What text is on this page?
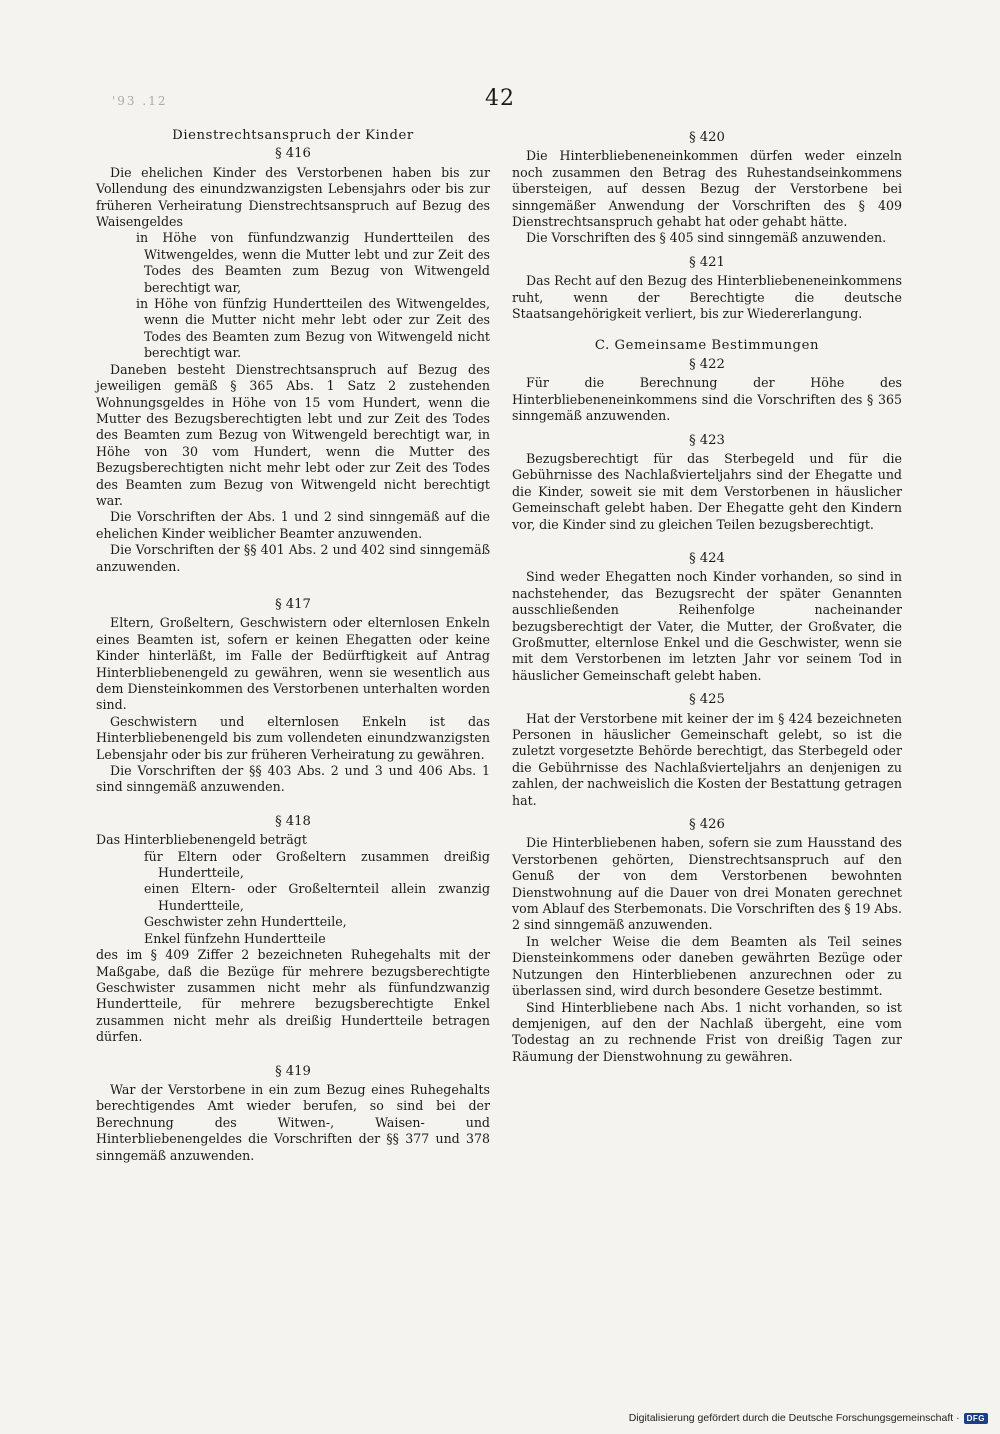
'93 .12	42
Dienstrechtsanspruch der Kinder
§ 416

Die ehelichen Kinder des Verstorbenen haben bis zur Vollendung des einundzwanzigsten Lebensjahrs oder bis zur früheren Verheiratung Dienstrechtsanspruch auf Bezug des Waisengeldes

in Höhe von fünfundzwanzig Hundertteilen des Witwengeldes, wenn die Mutter lebt und zur Zeit des Todes des Beamten zum Bezug von Witwengeld berechtigt war,

in Höhe von fünfzig Hundertteilen des Witwengeldes, wenn die Mutter nicht mehr lebt oder zur Zeit des Todes des Beamten zum Bezug von Witwengeld nicht berechtigt war.

Daneben besteht Dienstrechtsanspruch auf Bezug des jeweiligen gemäß § 365 Abs. 1 Satz 2 zustehenden Wohnungsgeldes in Höhe von 15 vom Hundert, wenn die Mutter des Bezugsberechtigten lebt und zur Zeit des Todes des Beamten zum Bezug von Witwengeld berechtigt war, in Höhe von 30 vom Hundert, wenn die Mutter des Bezugsberechtigten nicht mehr lebt oder zur Zeit des Todes des Beamten zum Bezug von Witwengeld nicht berechtigt war.

Die Vorschriften der Abs. 1 und 2 sind sinngemäß auf die ehelichen Kinder weiblicher Beamter anzuwenden.

Die Vorschriften der §§ 401 Abs. 2 und 402 sind sinngemäß anzuwenden.

§ 417

Eltern, Großeltern, Geschwistern oder elternlosen Enkeln eines Beamten ist, sofern er keinen Ehegatten oder keine Kinder hinterläßt, im Falle der Bedürftigkeit auf Antrag Hinterbliebenengeld zu gewähren, wenn sie wesentlich aus dem Diensteinkommen des Verstorbenen unterhalten worden sind.

Geschwistern und elternlosen Enkeln ist das Hinterbliebenengeld bis zum vollendeten einundzwanzigsten Lebensjahr oder bis zur früheren Verheiratung zu gewähren.

Die Vorschriften der §§ 403 Abs. 2 und 3 und 406 Abs. 1 sind sinngemäß anzuwenden.

§ 418

Das Hinterbliebenengeld beträgt

für Eltern oder Großeltern zusammen dreißig Hundertteile,

einen Eltern- oder Großelternteil allein zwanzig Hundertteile,

Geschwister zehn Hundertteile,

Enkel fünfzehn Hundertteile

des im § 409 Ziffer 2 bezeichneten Ruhegehalts mit der Maßgabe, daß die Bezüge für mehrere bezugsberechtigte Geschwister zusammen nicht mehr als fünfundzwanzig Hundertteile, für mehrere bezugsberechtigte Enkel zusammen nicht mehr als dreißig Hundertteile betragen dürfen.

§ 419

War der Verstorbene in ein zum Bezug eines Ruhegehalts berechtigendes Amt wieder berufen, so sind bei der Berechnung des Witwen-, Waisen- und Hinterbliebenengeldes die Vorschriften der §§ 377 und 378 sinngemäß anzuwenden.

§ 420

Die Hinterbliebeneneinkommen dürfen weder einzeln noch zusammen den Betrag des Ruhestandseinkommens übersteigen, auf dessen Bezug der Verstorbene bei sinngemäßer Anwendung der Vorschriften des § 409 Dienstrechtsanspruch gehabt hat oder gehabt hätte.

Die Vorschriften des § 405 sind sinngemäß anzuwenden.

§ 421

Das Recht auf den Bezug des Hinterbliebeneneinkommens ruht, wenn der Berechtigte die deutsche Staatsangehörigkeit verliert, bis zur Wiedererlangung.

C. Gemeinsame Bestimmungen
§ 422

Für die Berechnung der Höhe des Hinterbliebeneneinkommens sind die Vorschriften des § 365 sinngemäß anzuwenden.

§ 423

Bezugsberechtigt für das Sterbegeld und für die Gebührnisse des Nachlaßvierteljahrs sind der Ehegatte und die Kinder, soweit sie mit dem Verstorbenen in häuslicher Gemeinschaft gelebt haben. Der Ehegatte geht den Kindern vor, die Kinder sind zu gleichen Teilen bezugsberechtigt.

§ 424

Sind weder Ehegatten noch Kinder vorhanden, so sind in nachstehender, das Bezugsrecht der später Genannten ausschließenden Reihenfolge nacheinander bezugsberechtigt der Vater, die Mutter, der Großvater, die Großmutter, elternlose Enkel und die Geschwister, wenn sie mit dem Verstorbenen im letzten Jahr vor seinem Tod in häuslicher Gemeinschaft gelebt haben.

§ 425

Hat der Verstorbene mit keiner der im § 424 bezeichneten Personen in häuslicher Gemeinschaft gelebt, so ist die zuletzt vorgesetzte Behörde berechtigt, das Sterbegeld oder die Gebührnisse des Nachlaßvierteljahrs an denjenigen zu zahlen, der nachweislich die Kosten der Bestattung getragen hat.

§ 426

Die Hinterbliebenen haben, sofern sie zum Hausstand des Verstorbenen gehörten, Dienstrechtsanspruch auf den Genuß der von dem Verstorbenen bewohnten Dienstwohnung auf die Dauer von drei Monaten gerechnet vom Ablauf des Sterbemonats. Die Vorschriften des § 19 Abs. 2 sind sinngemäß anzuwenden.

In welcher Weise die dem Beamten als Teil seines Diensteinkommens oder daneben gewährten Bezüge oder Nutzungen den Hinterbliebenen anzurechnen oder zu überlassen sind, wird durch besondere Gesetze bestimmt.

Sind Hinterbliebene nach Abs. 1 nicht vorhanden, so ist demjenigen, auf den der Nachlaß übergeht, eine vom Todestag an zu rechnende Frist von dreißig Tagen zur Räumung der Dienstwohnung zu gewähren.

Digitalisierung gefördert durch die Deutsche Forschungsgemeinschaft · DFG
